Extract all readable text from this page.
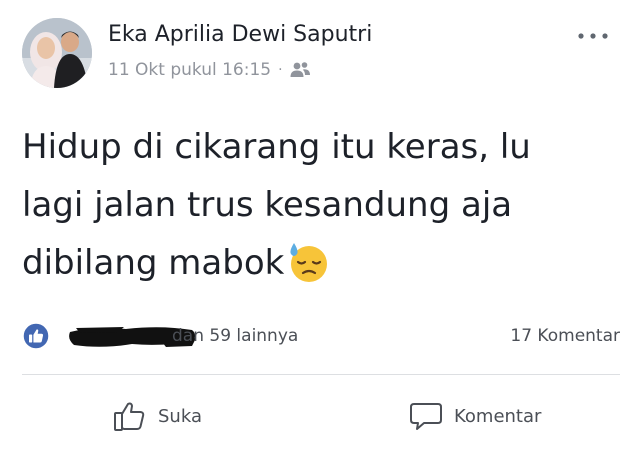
Eka Aprilia Dewi Saputri
11 Okt pukul 16:15 ·
Hidup di cikarang itu keras, lu lagi jalan trus kesandung aja dibilang mabok
dan 59 lainnya	17 Komentar
Suka	Komentar
